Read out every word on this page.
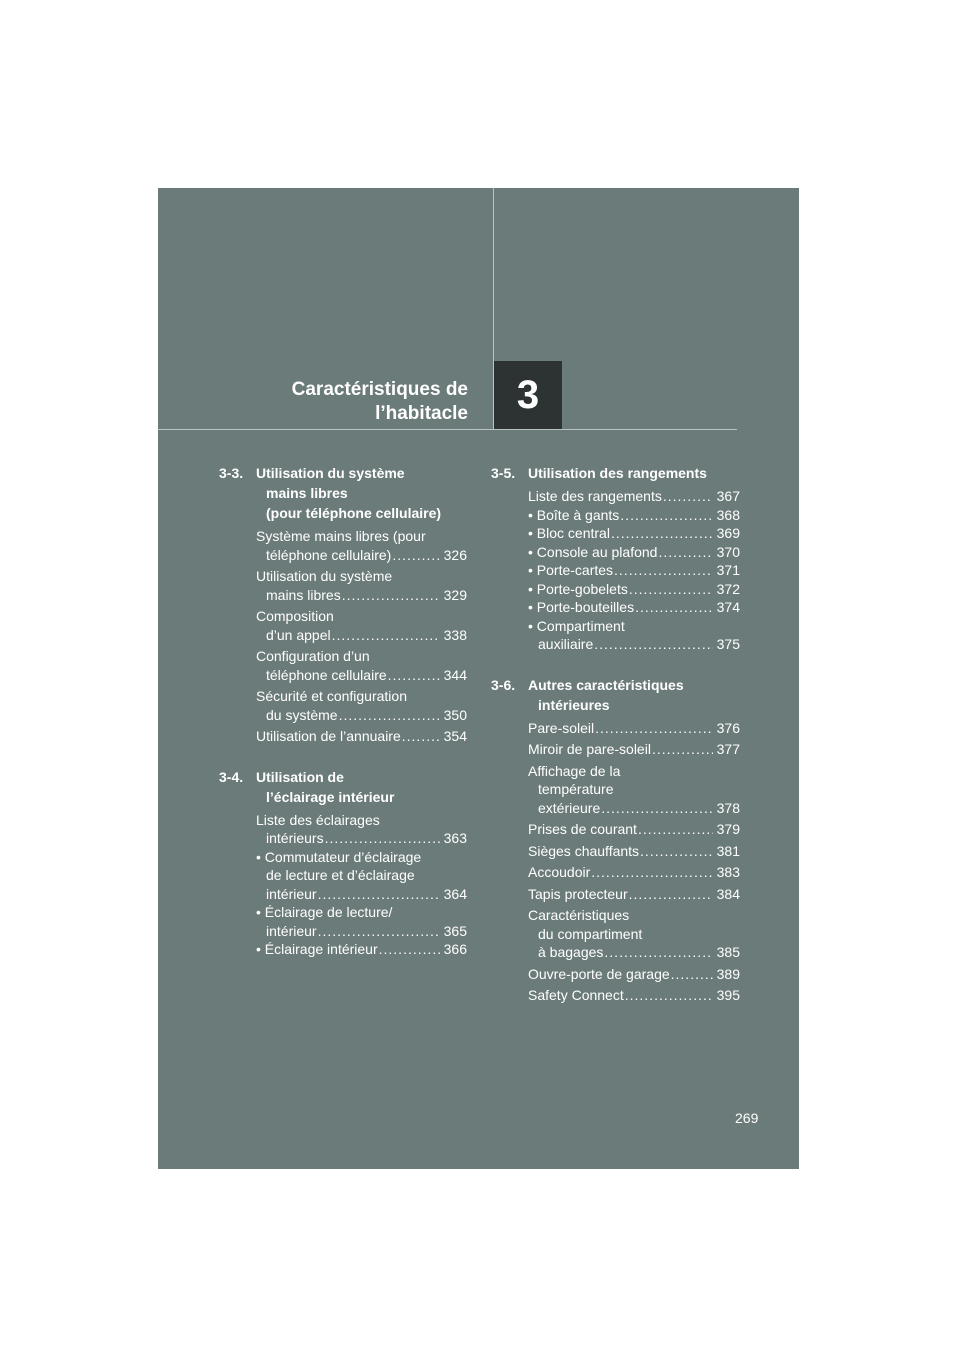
Caractéristiques de
l’habitacle 3
3-3. Utilisation du système
mains libres
(pour téléphone cellulaire)
Système mains libres (pour
téléphone cellulaire) .....	326
Utilisation du système
mains libres .....	329
Composition
d’un appel .....	338
Configuration d’un
téléphone cellulaire .....	344
Sécurité et configuration
du système .....	350
Utilisation de l’annuaire .....	354
3-4. Utilisation de
l’éclairage intérieur
Liste des éclairages
intérieurs .....	363
• Commutateur d’éclairage
de lecture et d’éclairage
intérieur .....	364
• Éclairage de lecture/
intérieur .....	365
• Éclairage intérieur .....	366
3-5. Utilisation des rangements
Liste des rangements .....	367
• Boîte à gants .....	368
• Bloc central .....	369
• Console au plafond .....	370
• Porte-cartes .....	371
• Porte-gobelets .....	372
• Porte-bouteilles .....	374
• Compartiment
auxiliaire .....	375
3-6. Autres caractéristiques
intérieures
Pare-soleil .....	376
Miroir de pare-soleil .....	377
Affichage de la
température
extérieure .....	378
Prises de courant .....	379
Sièges chauffants .....	381
Accoudoir .....	383
Tapis protecteur .....	384
Caractéristiques
du compartiment
à bagages .....	385
Ouvre-porte de garage .....	389
Safety Connect .....	395
269
